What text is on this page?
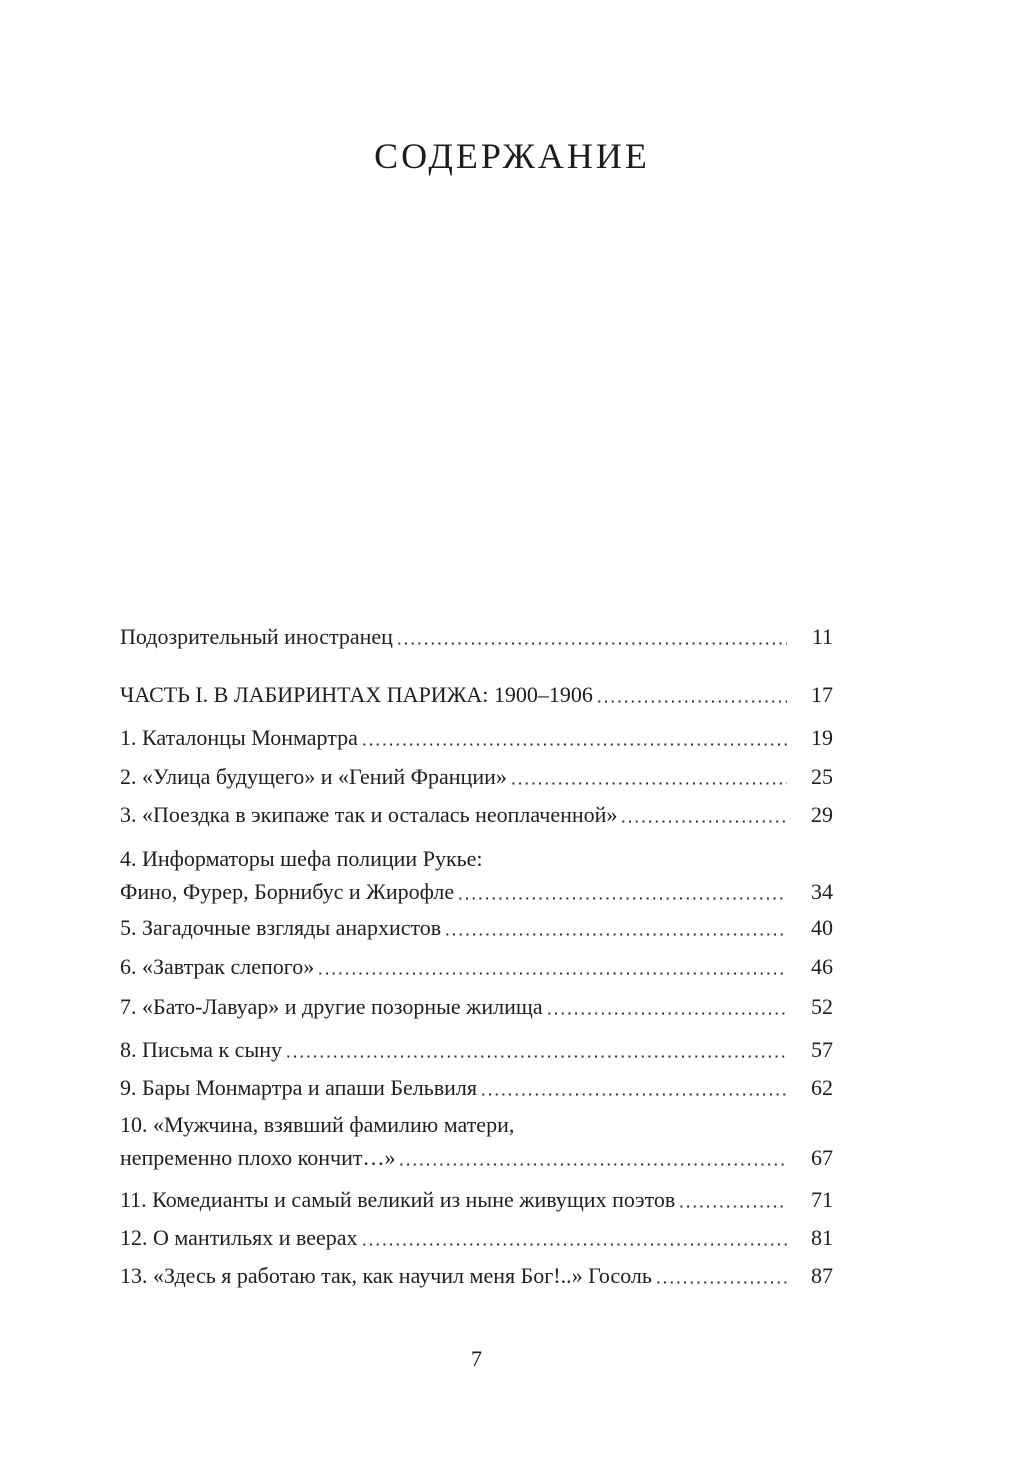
СОДЕРЖАНИЕ
Подозрительный иностранец	11
ЧАСТЬ I. В ЛАБИРИНТАХ ПАРИЖА: 1900–1906	17
1. Каталонцы Монмартра	19
2. «Улица будущего» и «Гений Франции»	25
3. «Поездка в экипаже так и осталась неоплаченной»	29
4. Информаторы шефа полиции Рукье:
Фино, Фурер, Борнибус и Жирофле	34
5. Загадочные взгляды анархистов	40
6. «Завтрак слепого»	46
7. «Бато-Лавуар» и другие позорные жилища	52
8. Письма к сыну	57
9. Бары Монмартра и апаши Бельвиля	62
10. «Мужчина, взявший фамилию матери,
непременно плохо кончит…»	67
11. Комедианты и самый великий из ныне живущих поэтов	71
12. О мантильях и веерах	81
13. «Здесь я работаю так, как научил меня Бог!..» Госоль	87
7
